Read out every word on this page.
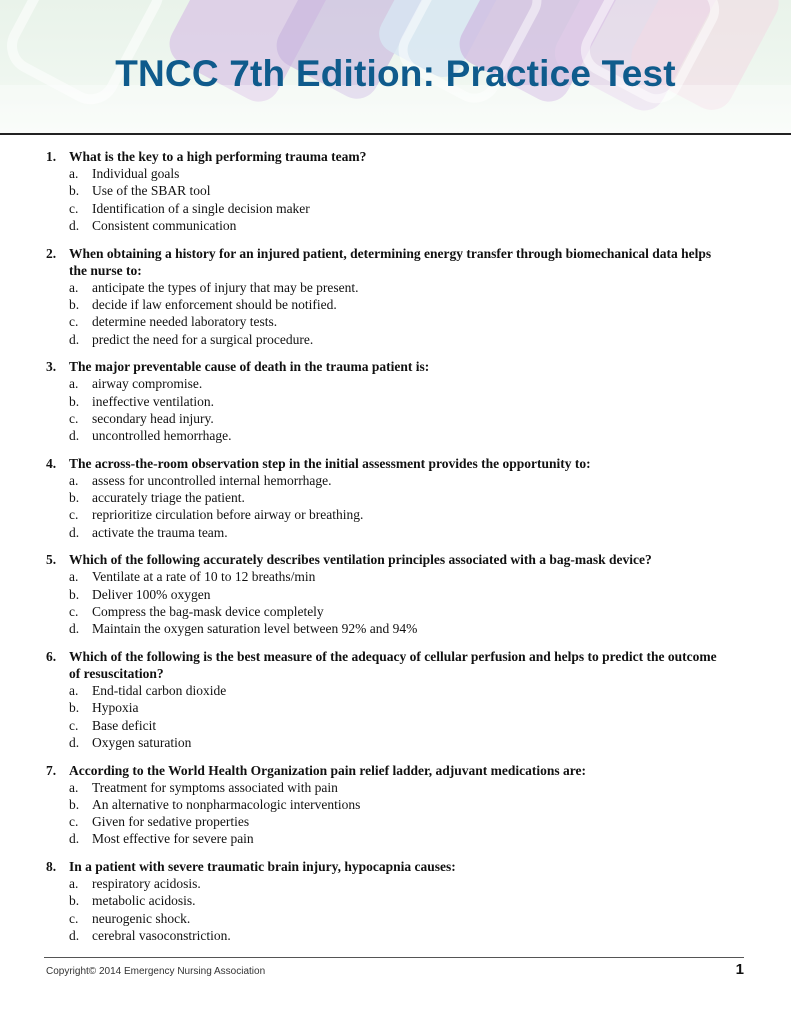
TNCC 7th Edition: Practice Test
1. What is the key to a high performing trauma team?
a.	Individual goals
b. Use of the SBAR tool
c.	Identification of a single decision maker
d. Consistent communication
2. When obtaining a history for an injured patient, determining energy transfer through biomechanical data helps the nurse to:
a.	anticipate the types of injury that may be present.
b. decide if law enforcement should be notified.
c.	determine needed laboratory tests.
d. predict the need for a surgical procedure.
3. The major preventable cause of death in the trauma patient is:
a.	airway compromise.
b. ineffective ventilation.
c.	secondary head injury.
d. uncontrolled hemorrhage.
4. The across-the-room observation step in the initial assessment provides the opportunity to:
a.	assess for uncontrolled internal hemorrhage.
b. accurately triage the patient.
c.	reprioritize circulation before airway or breathing.
d. activate the trauma team.
5. Which of the following accurately describes ventilation principles associated with a bag-mask device?
a.	Ventilate at a rate of 10 to 12 breaths/min
b. Deliver 100% oxygen
c.	Compress the bag-mask device completely
d. Maintain the oxygen saturation level between 92% and 94%
6. Which of the following is the best measure of the adequacy of cellular perfusion and helps to predict the outcome of resuscitation?
a.	End-tidal carbon dioxide
b. Hypoxia
c.	Base deficit
d. Oxygen saturation
7. According to the World Health Organization pain relief ladder, adjuvant medications are:
a.	Treatment for symptoms associated with pain
b. An alternative to nonpharmacologic interventions
c.	Given for sedative properties
d. Most effective for severe pain
8. In a patient with severe traumatic brain injury, hypocapnia causes:
a.	respiratory acidosis.
b. metabolic acidosis.
c.	neurogenic shock.
d. cerebral vasoconstriction.
Copyright© 2014 Emergency Nursing Association	1
